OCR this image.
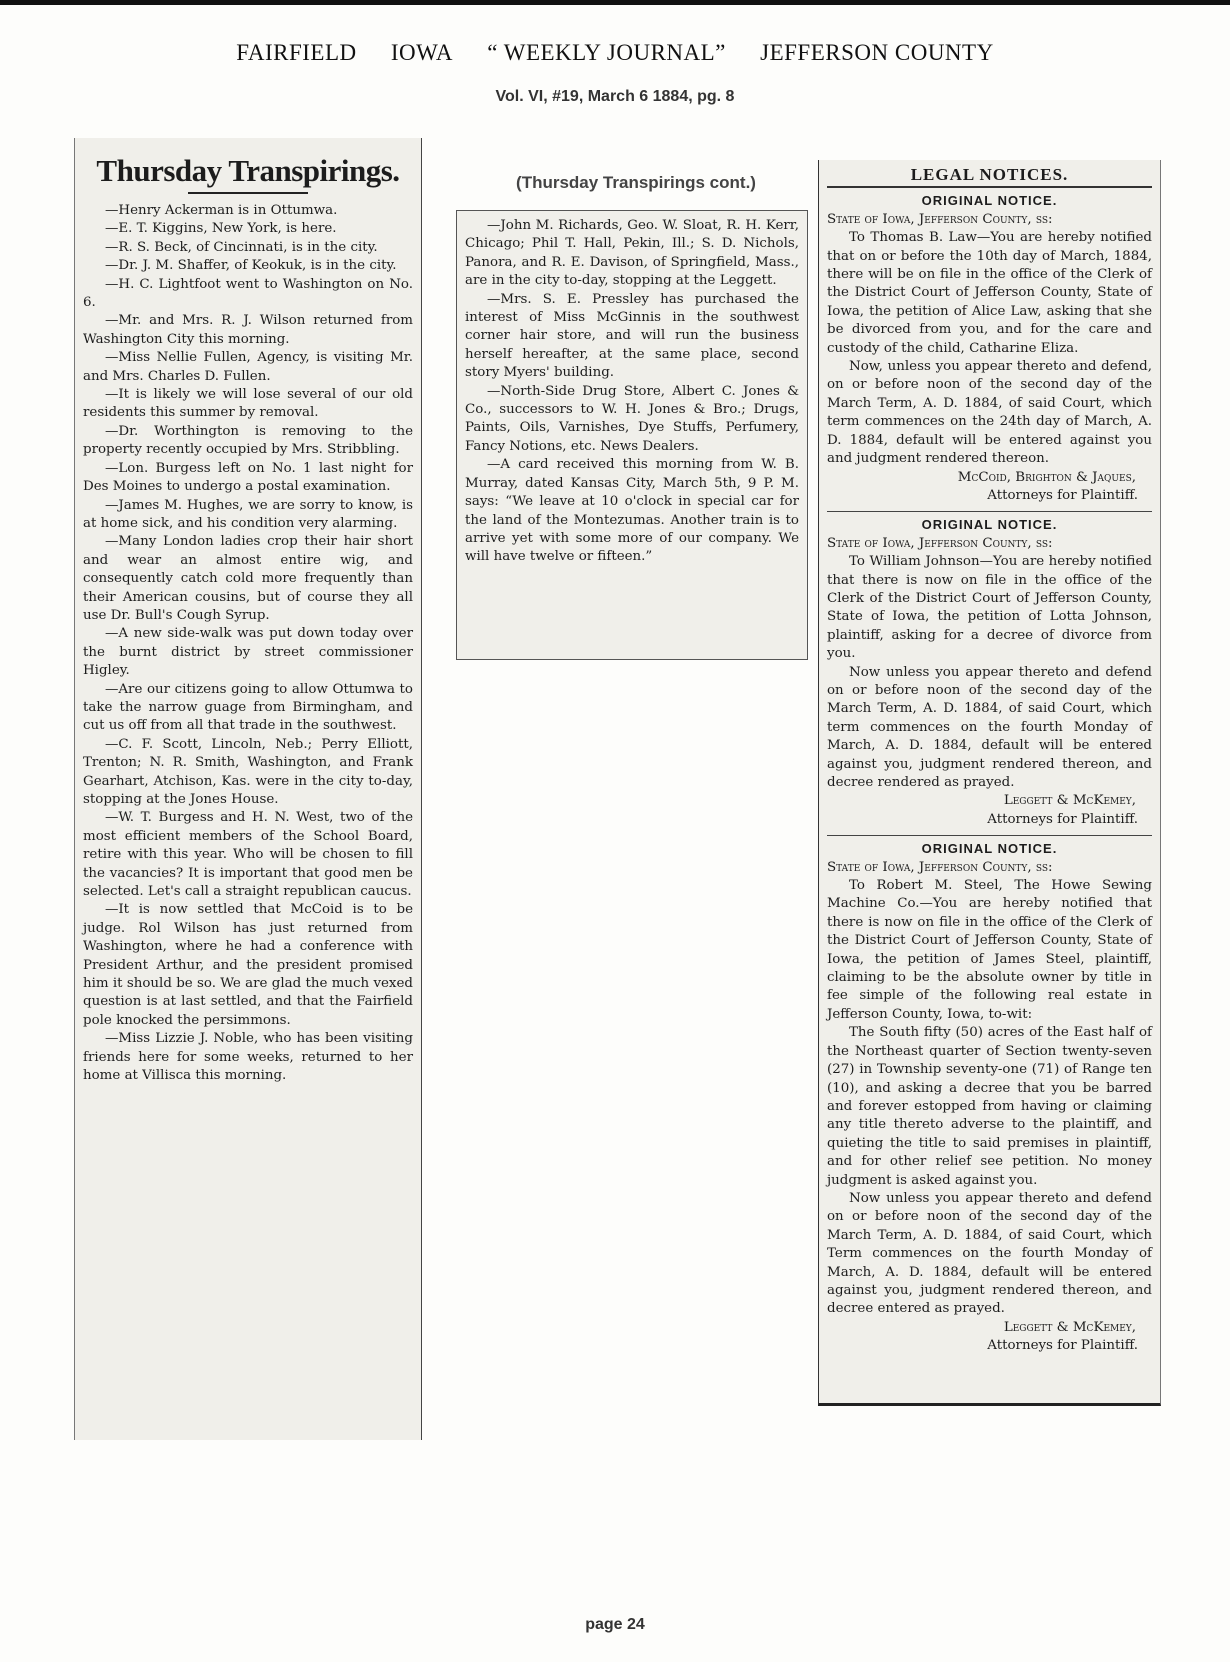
FAIRFIELD IOWA “ WEEKLY JOURNAL” JEFFERSON COUNTY
Vol. VI, #19, March 6 1884, pg. 8
Thursday Transpirings.

—Henry Ackerman is in Ottumwa.

—E. T. Kiggins, New York, is here.

—R. S. Beck, of Cincinnati, is in the city.

—Dr. J. M. Shaffer, of Keokuk, is in the city.

—H. C. Lightfoot went to Washington on No. 6.

—Mr. and Mrs. R. J. Wilson returned from Washington City this morning.

—Miss Nellie Fullen, Agency, is visiting Mr. and Mrs. Charles D. Fullen.

—It is likely we will lose several of our old residents this summer by removal.

—Dr. Worthington is removing to the property recently occupied by Mrs. Stribbling.

—Lon. Burgess left on No. 1 last night for Des Moines to undergo a postal examination.

—James M. Hughes, we are sorry to know, is at home sick, and his condition very alarming.

—Many London ladies crop their hair short and wear an almost entire wig, and consequently catch cold more frequently than their American cousins, but of course they all use Dr. Bull's Cough Syrup.

—A new side-walk was put down today over the burnt district by street commissioner Higley.

—Are our citizens going to allow Ottumwa to take the narrow guage from Birmingham, and cut us off from all that trade in the southwest.

—C. F. Scott, Lincoln, Neb.; Perry Elliott, Trenton; N. R. Smith, Washington, and Frank Gearhart, Atchison, Kas. were in the city to-day, stopping at the Jones House.

—W. T. Burgess and H. N. West, two of the most efficient members of the School Board, retire with this year. Who will be chosen to fill the vacancies? It is important that good men be selected. Let's call a straight republican caucus.

—It is now settled that McCoid is to be judge. Rol Wilson has just returned from Washington, where he had a conference with President Arthur, and the president promised him it should be so. We are glad the much vexed question is at last settled, and that the Fairfield pole knocked the persimmons.

—Miss Lizzie J. Noble, who has been visiting friends here for some weeks, returned to her home at Villisca this morning.

(Thursday Transpirings cont.)

—John M. Richards, Geo. W. Sloat, R. H. Kerr, Chicago; Phil T. Hall, Pekin, Ill.; S. D. Nichols, Panora, and R. E. Davison, of Springfield, Mass., are in the city to-day, stopping at the Leggett.

—Mrs. S. E. Pressley has purchased the interest of Miss McGinnis in the southwest corner hair store, and will run the business herself hereafter, at the same place, second story Myers' building.

—North-Side Drug Store, Albert C. Jones & Co., successors to W. H. Jones & Bro.; Drugs, Paints, Oils, Varnishes, Dye Stuffs, Perfumery, Fancy Notions, etc. News Dealers.

—A card received this morning from W. B. Murray, dated Kansas City, March 5th, 9 P. M. says: “We leave at 10 o'clock in special car for the land of the Montezumas. Another train is to arrive yet with some more of our company. We will have twelve or fifteen.”

LEGAL NOTICES.
ORIGINAL NOTICE.
State of Iowa, Jefferson County, ss:

To Thomas B. Law—You are hereby notified that on or before the 10th day of March, 1884, there will be on file in the office of the Clerk of the District Court of Jefferson County, State of Iowa, the petition of Alice Law, asking that she be divorced from you, and for the care and custody of the child, Catharine Eliza.

Now, unless you appear thereto and defend, on or before noon of the second day of the March Term, A. D. 1884, of said Court, which term commences on the 24th day of March, A. D. 1884, default will be entered against you and judgment rendered thereon.

McCoid, Brighton & Jaques,
Attorneys for Plaintiff.
ORIGINAL NOTICE.
State of Iowa, Jefferson County, ss:

To William Johnson—You are hereby notified that there is now on file in the office of the Clerk of the District Court of Jefferson County, State of Iowa, the petition of Lotta Johnson, plaintiff, asking for a decree of divorce from you.

Now unless you appear thereto and defend on or before noon of the second day of the March Term, A. D. 1884, of said Court, which term commences on the fourth Monday of March, A. D. 1884, default will be entered against you, judgment rendered thereon, and decree rendered as prayed.

Leggett & McKemey,
Attorneys for Plaintiff.
ORIGINAL NOTICE.
State of Iowa, Jefferson County, ss:

To Robert M. Steel, The Howe Sewing Machine Co.—You are hereby notified that there is now on file in the office of the Clerk of the District Court of Jefferson County, State of Iowa, the petition of James Steel, plaintiff, claiming to be the absolute owner by title in fee simple of the following real estate in Jefferson County, Iowa, to-wit:

The South fifty (50) acres of the East half of the Northeast quarter of Section twenty-seven (27) in Township seventy-one (71) of Range ten (10), and asking a decree that you be barred and forever estopped from having or claiming any title thereto adverse to the plaintiff, and quieting the title to said premises in plaintiff, and for other relief see petition. No money judgment is asked against you.

Now unless you appear thereto and defend on or before noon of the second day of the March Term, A. D. 1884, of said Court, which Term commences on the fourth Monday of March, A. D. 1884, default will be entered against you, judgment rendered thereon, and decree entered as prayed.

Leggett & McKemey,
Attorneys for Plaintiff.
page 24
